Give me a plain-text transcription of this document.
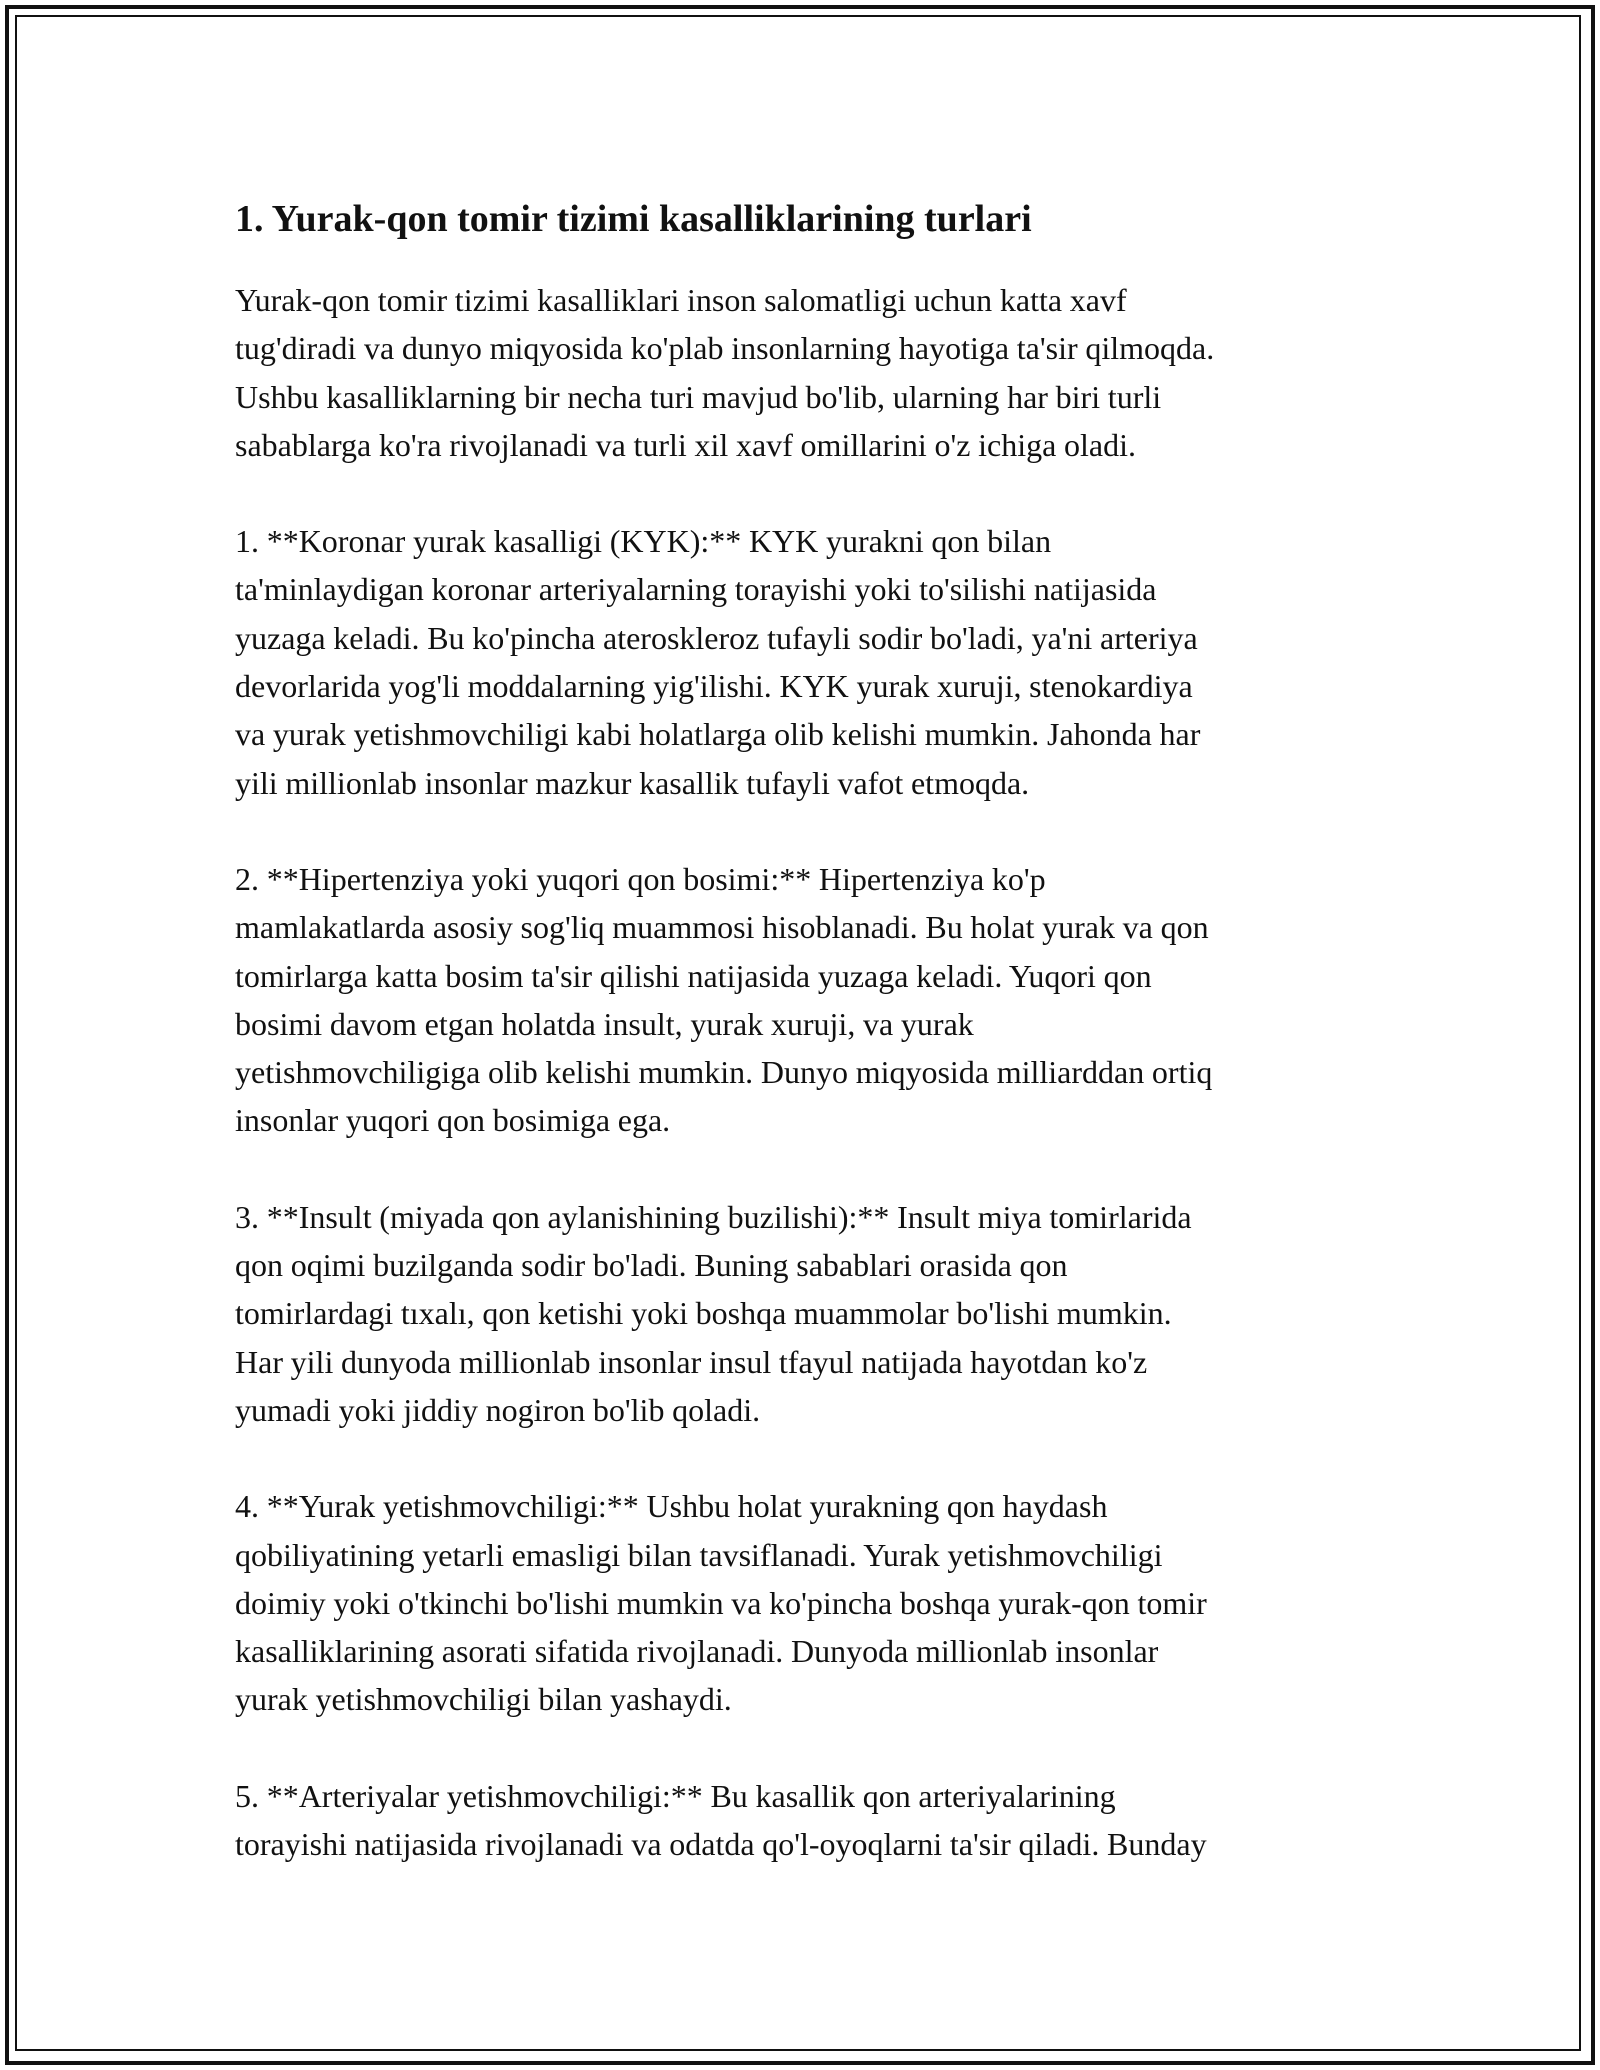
1. Yurak-qon tomir tizimi kasalliklarining turlari

Yurak-qon tomir tizimi kasalliklari inson salomatligi uchun katta xavf
tug'diradi va dunyo miqyosida ko'plab insonlarning hayotiga ta'sir qilmoqda.
Ushbu kasalliklarning bir necha turi mavjud bo'lib, ularning har biri turli
sabablarga ko'ra rivojlanadi va turli xil xavf omillarini o'z ichiga oladi.

1. **Koronar yurak kasalligi (KYK):** KYK yurakni qon bilan
ta'minlaydigan koronar arteriyalarning torayishi yoki to'silishi natijasida
yuzaga keladi. Bu ko'pincha ateroskleroz tufayli sodir bo'ladi, ya'ni arteriya
devorlarida yog'li moddalarning yig'ilishi. KYK yurak xuruji, stenokardiya
va yurak yetishmovchiligi kabi holatlarga olib kelishi mumkin. Jahonda har
yili millionlab insonlar mazkur kasallik tufayli vafot etmoqda.

2. **Hipertenziya yoki yuqori qon bosimi:** Hipertenziya ko'p
mamlakatlarda asosiy sog'liq muammosi hisoblanadi. Bu holat yurak va qon
tomirlarga katta bosim ta'sir qilishi natijasida yuzaga keladi. Yuqori qon
bosimi davom etgan holatda insult, yurak xuruji, va yurak
yetishmovchiligiga olib kelishi mumkin. Dunyo miqyosida milliarddan ortiq
insonlar yuqori qon bosimiga ega.

3. **Insult (miyada qon aylanishining buzilishi):** Insult miya tomirlarida
qon oqimi buzilganda sodir bo'ladi. Buning sabablari orasida qon
tomirlardagi tıxalı, qon ketishi yoki boshqa muammolar bo'lishi mumkin.
Har yili dunyoda millionlab insonlar insul tfayul natijada hayotdan ko'z
yumadi yoki jiddiy nogiron bo'lib qoladi.

4. **Yurak yetishmovchiligi:** Ushbu holat yurakning qon haydash
qobiliyatining yetarli emasligi bilan tavsiflanadi. Yurak yetishmovchiligi
doimiy yoki o'tkinchi bo'lishi mumkin va ko'pincha boshqa yurak-qon tomir
kasalliklarining asorati sifatida rivojlanadi. Dunyoda millionlab insonlar
yurak yetishmovchiligi bilan yashaydi.

5. **Arteriyalar yetishmovchiligi:** Bu kasallik qon arteriyalarining
torayishi natijasida rivojlanadi va odatda qo'l-oyoqlarni ta'sir qiladi. Bunday
